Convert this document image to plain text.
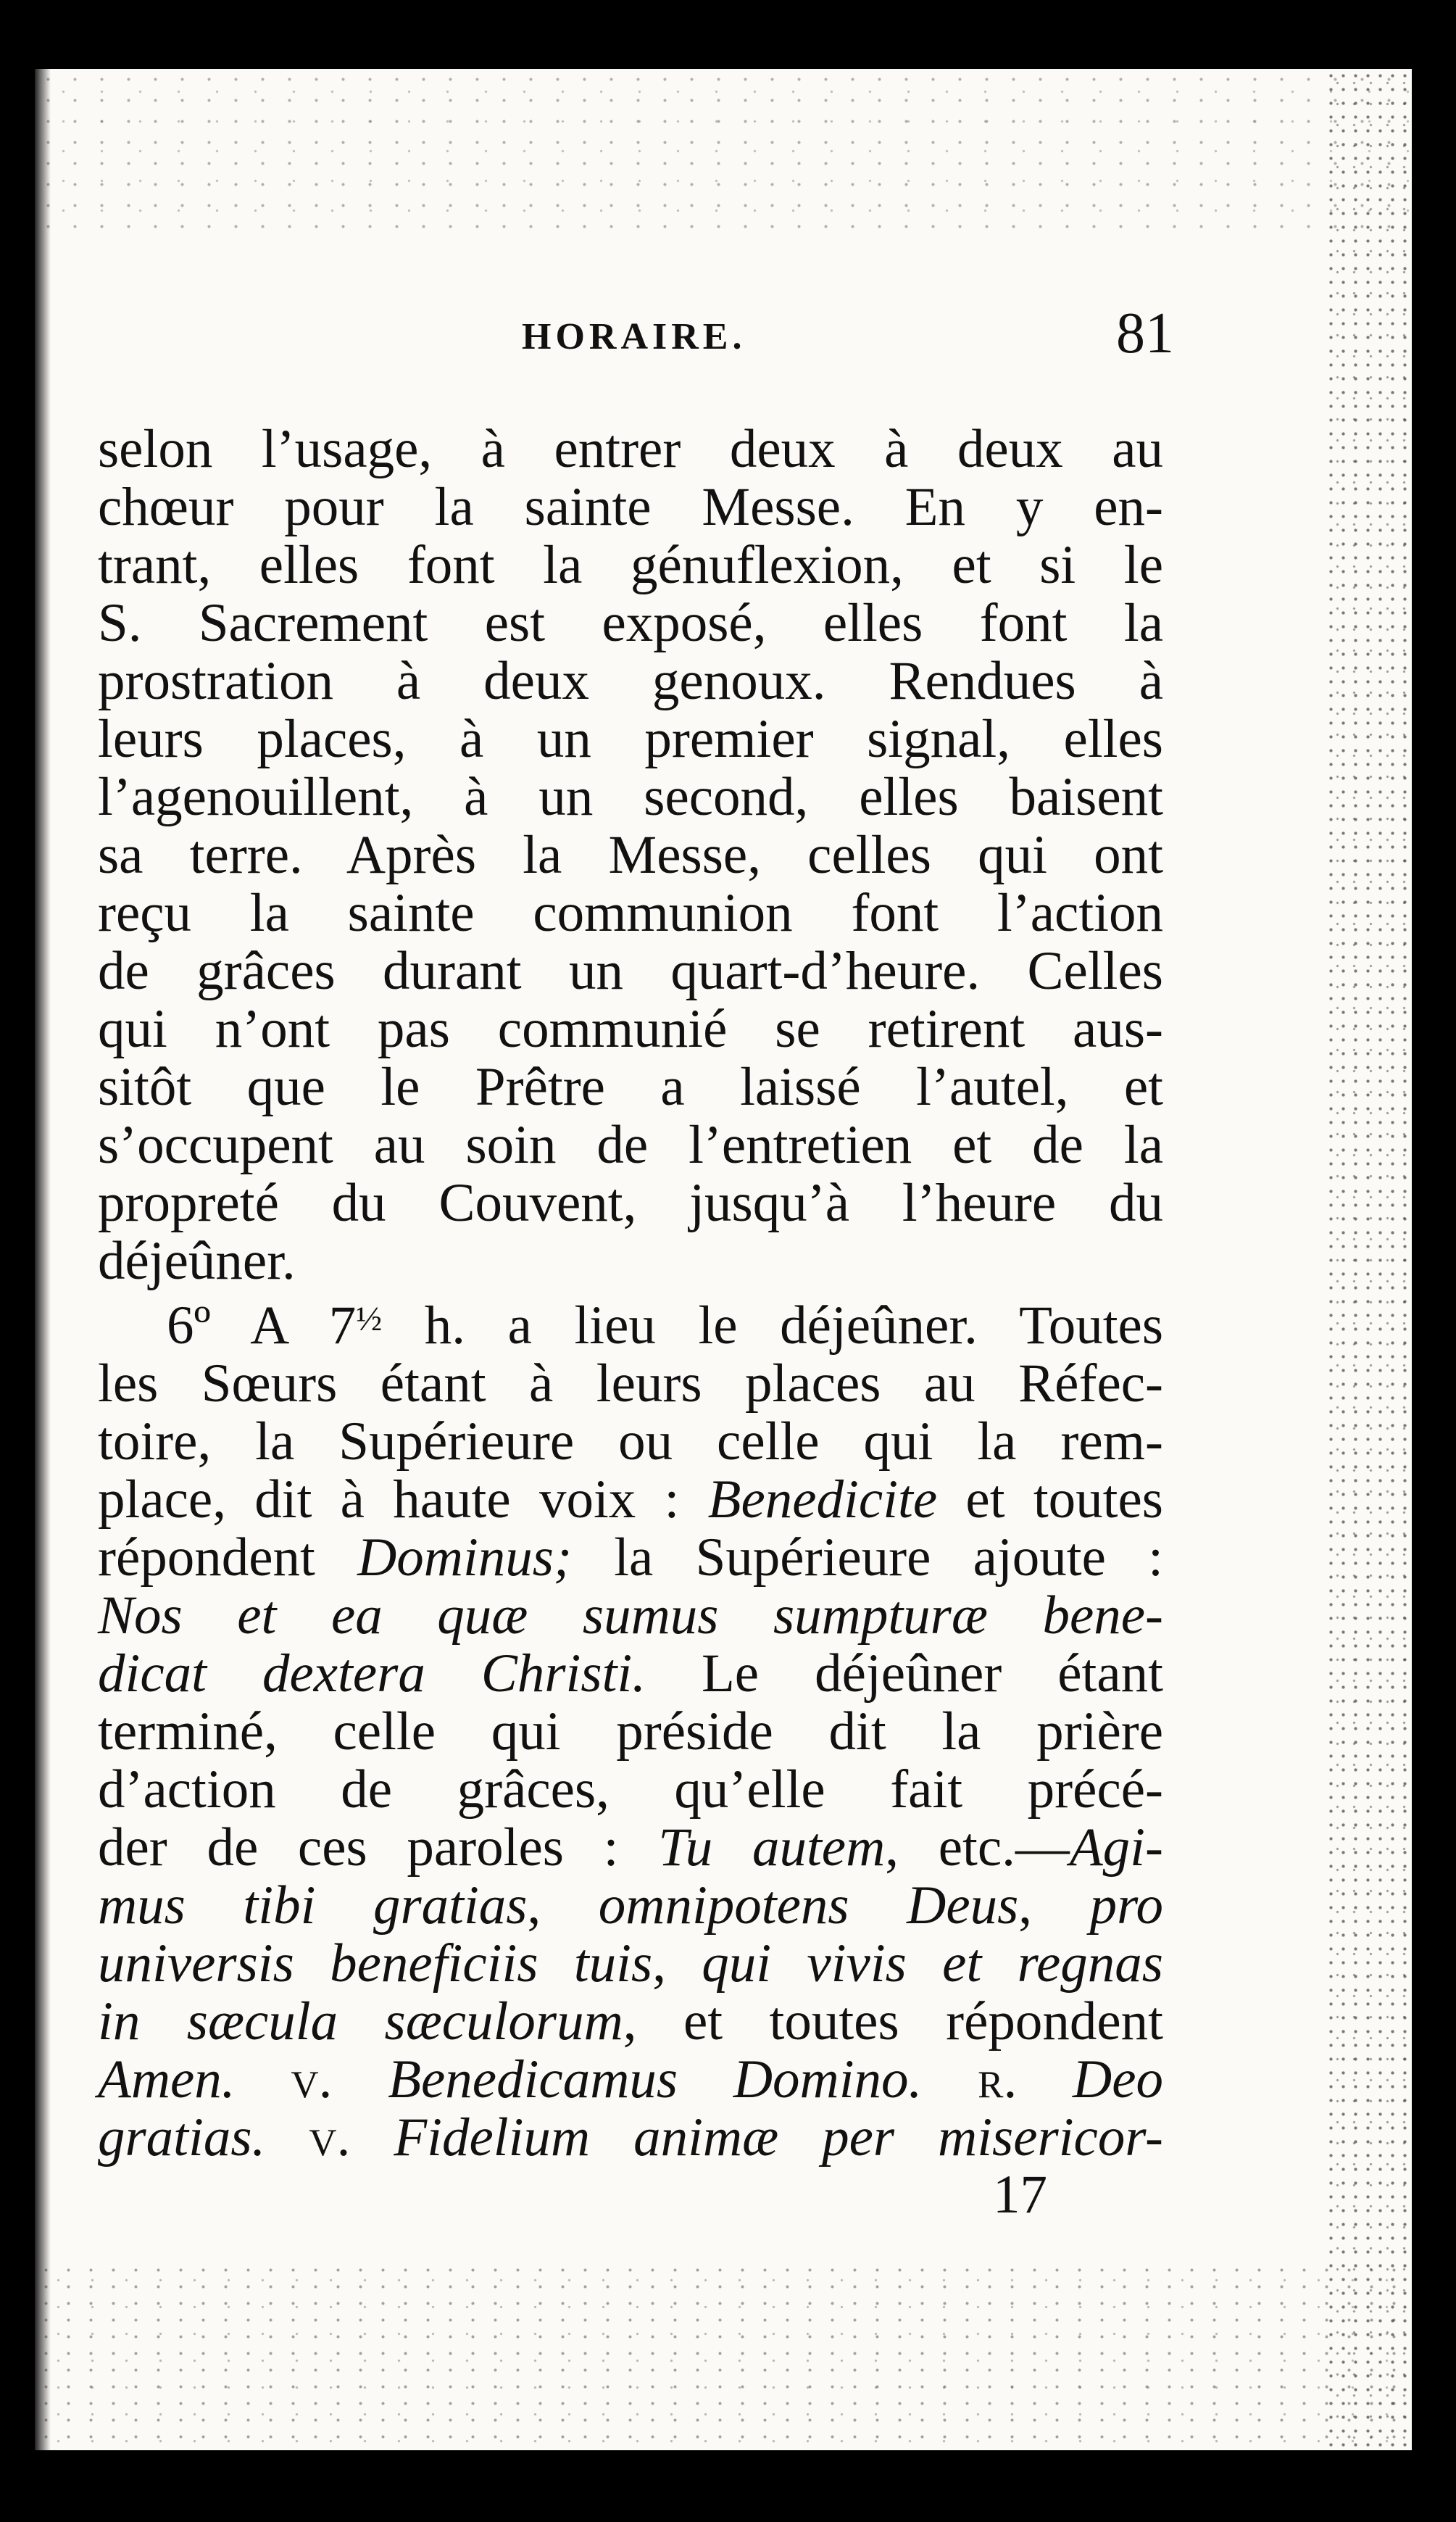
HORAIRE.	81

selon l’usage, à entrer deux à deux au
chœur pour la sainte Messe. En y en-
trant, elles font la génuflexion, et si le
S. Sacrement est exposé, elles font la
prostration à deux genoux. Rendues à
leurs places, à un premier signal, elles
l’agenouillent, à un second, elles baisent
sa terre. Après la Messe, celles qui ont
reçu la sainte communion font l’action
de grâces durant un quart-d’heure. Celles
qui n’ont pas communié se retirent aus-
sitôt que le Prêtre a laissé l’autel, et
s’occupent au soin de l’entretien et de la
propreté du Couvent, jusqu’à l’heure du
déjeûner.

6º A $7^{\frac{1}{2}}$ h. a lieu le déjeûner. Toutes
les Sœurs étant à leurs places au Réfec-
toire, la Supérieure ou celle qui la rem-
place, dit à haute voix : Benedicite et toutes
répondent Dominus; la Supérieure ajoute :
Nos et ea quæ sumus sumpturæ bene-
dicat dextera Christi. Le déjeûner étant
terminé, celle qui préside dit la prière
d’action de grâces, qu’elle fait précé-
der de ces paroles : Tu autem, etc.—Agi-
mus tibi gratias, omnipotens Deus, pro
universis beneficiis tuis, qui vivis et regnas
in sæcula sæculorum, et toutes répondent
Amen. v. Benedicamus Domino. r. Deo
gratias. v. Fidelium animæ per misericor-

17
